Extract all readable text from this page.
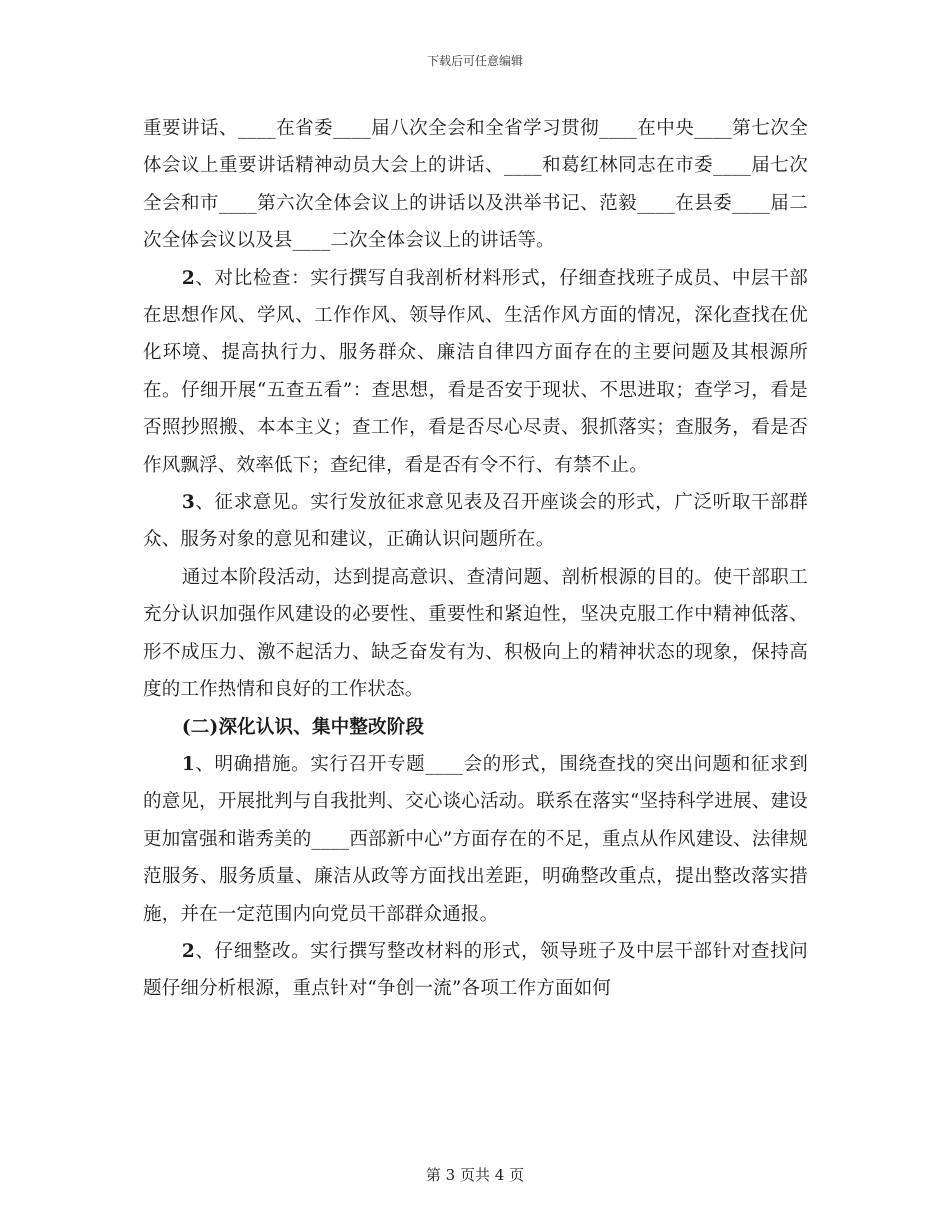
下载后可任意编辑

重要讲话、____在省委____届八次全会和全省学习贯彻____在中央____第七次全体会议上重要讲话精神动员大会上的讲话、____和葛红林同志在市委____届七次全会和市____第六次全体会议上的讲话以及洪举书记、范毅____在县委____届二次全体会议以及县____二次全体会议上的讲话等。

2、对比检查：实行撰写自我剖析材料形式，仔细查找班子成员、中层干部在思想作风、学风、工作作风、领导作风、生活作风方面的情况，深化查找在优化环境、提高执行力、服务群众、廉洁自律四方面存在的主要问题及其根源所在。仔细开展“五查五看”：查思想，看是否安于现状、不思进取；查学习，看是否照抄照搬、本本主义；查工作，看是否尽心尽责、狠抓落实；查服务，看是否作风飘浮、效率低下；查纪律，看是否有令不行、有禁不止。

3、征求意见。实行发放征求意见表及召开座谈会的形式，广泛听取干部群众、服务对象的意见和建议，正确认识问题所在。

通过本阶段活动，达到提高意识、查清问题、剖析根源的目的。使干部职工充分认识加强作风建设的必要性、重要性和紧迫性，坚决克服工作中精神低落、形不成压力、激不起活力、缺乏奋发有为、积极向上的精神状态的现象，保持高度的工作热情和良好的工作状态。

(二)深化认识、集中整改阶段

1、明确措施。实行召开专题____会的形式，围绕查找的突出问题和征求到的意见，开展批判与自我批判、交心谈心活动。联系在落实“坚持科学进展、建设更加富强和谐秀美的____西部新中心”方面存在的不足，重点从作风建设、法律规范服务、服务质量、廉洁从政等方面找出差距，明确整改重点，提出整改落实措施，并在一定范围内向党员干部群众通报。

2、仔细整改。实行撰写整改材料的形式，领导班子及中层干部针对查找问题仔细分析根源，重点针对“争创一流”各项工作方面如何

第 3 页共 4 页
